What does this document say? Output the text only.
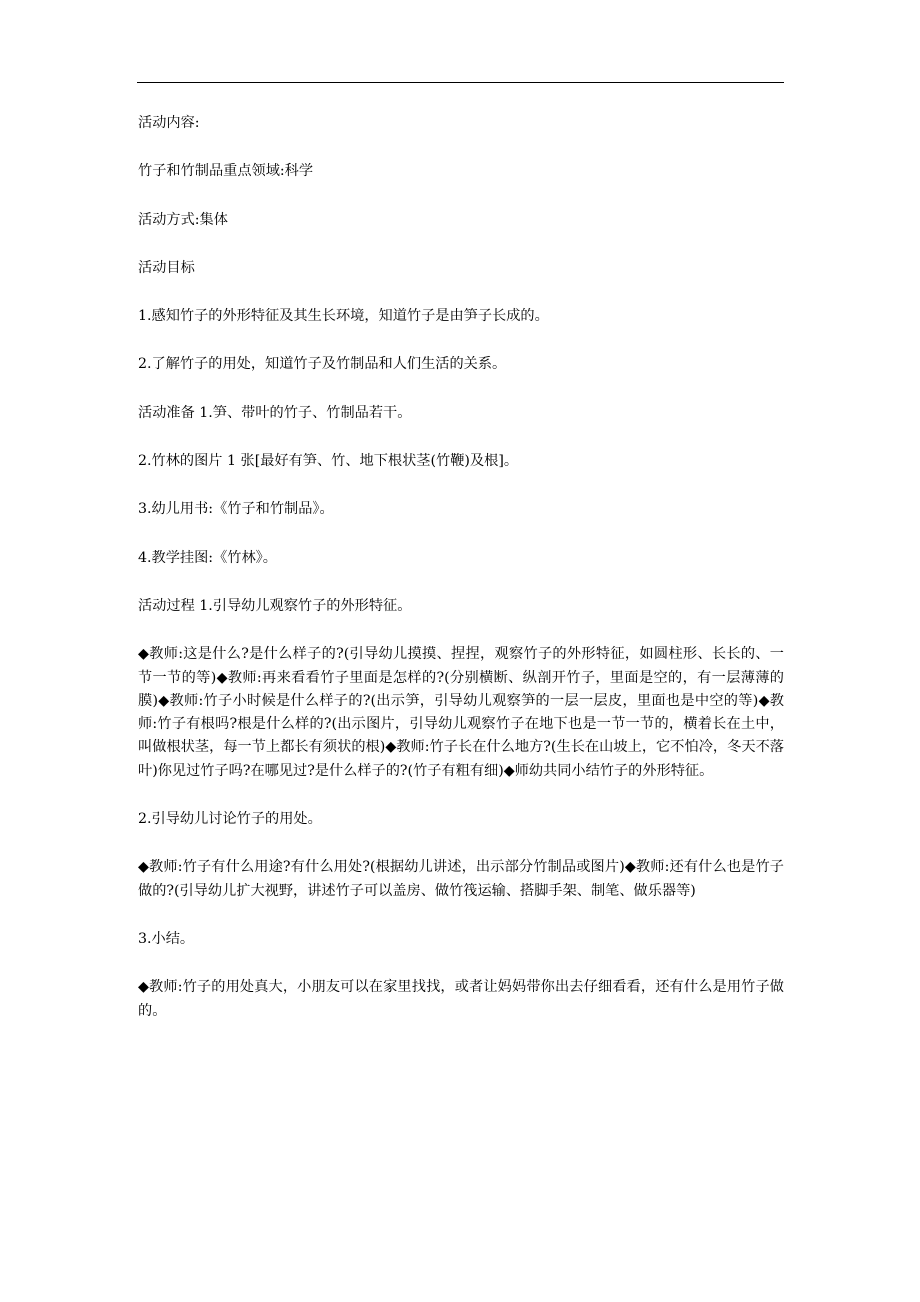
活动内容:

竹子和竹制品重点领域:科学

活动方式:集体

活动目标

1.感知竹子的外形特征及其生长环境，知道竹子是由笋子长成的。

2.了解竹子的用处，知道竹子及竹制品和人们生活的关系。

活动准备 1.笋、带叶的竹子、竹制品若干。

2.竹林的图片 1 张[最好有笋、竹、地下根状茎(竹鞭)及根]。

3.幼儿用书:《竹子和竹制品》。

4.教学挂图:《竹林》。

活动过程 1.引导幼儿观察竹子的外形特征。

◆教师:这是什么?是什么样子的?(引导幼儿摸摸、捏捏，观察竹子的外形特征，如圆柱形、长长的、一节一节的等)◆教师:再来看看竹子里面是怎样的?(分别横断、纵剖开竹子，里面是空的，有一层薄薄的膜)◆教师:竹子小时候是什么样子的?(出示笋，引导幼儿观察笋的一层一层皮，里面也是中空的等)◆教师:竹子有根吗?根是什么样的?(出示图片，引导幼儿观察竹子在地下也是一节一节的，横着长在土中，叫做根状茎，每一节上都长有须状的根)◆教师:竹子长在什么地方?(生长在山坡上，它不怕冷，冬天不落叶)你见过竹子吗?在哪见过?是什么样子的?(竹子有粗有细)◆师幼共同小结竹子的外形特征。

2.引导幼儿讨论竹子的用处。

◆教师:竹子有什么用途?有什么用处?(根据幼儿讲述，出示部分竹制品或图片)◆教师:还有什么也是竹子做的?(引导幼儿扩大视野，讲述竹子可以盖房、做竹筏运输、搭脚手架、制笔、做乐器等)

3.小结。

◆教师:竹子的用处真大，小朋友可以在家里找找，或者让妈妈带你出去仔细看看，还有什么是用竹子做的。
